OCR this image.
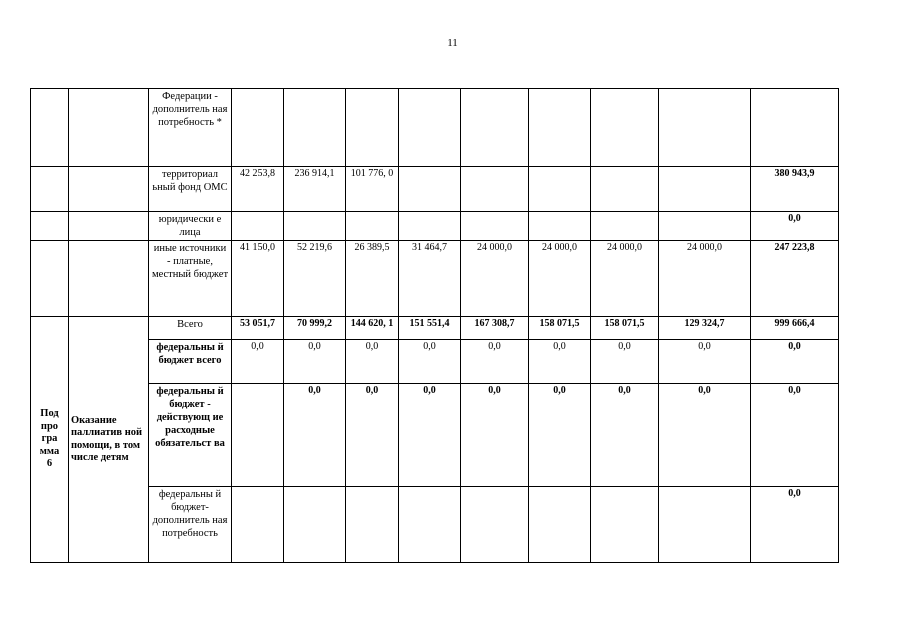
11
		Федерации - дополнитель ная потребность *									
		территориал ьный фонд ОМС	42 253,8	236 914,1	101 776, 0						380 943,9
		юридически е лица									0,0
		иные источники - платные, местный бюджет	41 150,0	52 219,6	26 389,5	31 464,7	24 000,0	24 000,0	24 000,0	24 000,0	247 223,8
Под
про
гра
мма
6	Оказание паллиатив ной помощи, в том числе детям	Всего	53 051,7	70 999,2	144 620, 1	151 551,4	167 308,7	158 071,5	158 071,5	129 324,7	999 666,4
		федеральны й бюджет всего	0,0	0,0	0,0	0,0	0,0	0,0	0,0	0,0	0,0
		федеральны й бюджет - действующ ие расходные обязательст ва		0,0	0,0	0,0	0,0	0,0	0,0	0,0	0,0
		федеральны й бюджет- дополнитель ная потребность									0,0
